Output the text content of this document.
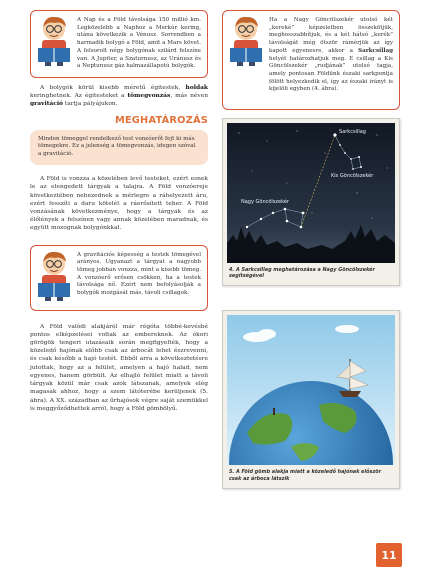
A Nap és a Föld távolsága 150 millió km. Legközelebb a Naphoz a Merkúr kering, utána következik a Vénusz. Sorrendben a harmadik bolygó a Föld, amit a Mars követ. A felsorolt négy bolygónak szilárd felszíne van. A Jupiter, a Szaturnusz, az Uránusz és a Neptunusz gáz halmazállapotú bolygók.

A bolygók körül kisebb méretű égitestek, holdak keringhetnek. Az égitesteket a tömegvonzás, más néven gravitáció tartja pályájukon.

MEGHATÁROZÁS
Minden tömeggel rendelkező test vonzóerőt fejt ki más tömegekre. Ez a jelenség a tömegvonzás, idegen szóval a gravitáció.

A Föld is vonzza a közelében levő testeket, ezért esnek le az elengedett tárgyak a talajra. A Föld vonzóereje következtében nehezednek a mérlegre a ráhelyezett áru, ezért fesszíti a daru kötelét a ráerősített teher. A Föld vonzásának következménye, hogy a tárgyak és az élőlények a felszínen vagy annak közelében maradnak, és együtt mozognak bolygónkkal.

A gravitációs képesség a testek tömegével arányos. Ugyanazt a tárgyat a nagyobb tömeg jobban vonzza, mint a kisebb tömeg. A vonzóerő erősen csökken, ha a testek távolsága nő. Ezért nem befolyásolják a bolygók mozgását más, távoli csillagok.

A Föld valódi alakjáról már régóta többé-kevésbé pontos elképzelései voltak az embereknek. Az ókori görögök tengeri utazásaik során megfigyelték, hogy a közeledő hajónak előbb csak az árbocát lehet észrevenni, és csak később a hajó testét. Ebből arra a következtetésre jutottak, hogy az a felület, amelyen a hajó halad, nem egyenes, hanem görbült. Az elhajló felület miatt a távoli tárgyak közül már csak azok látszanak, amelyek elég magasak ahhoz, hogy a szem látóterébe kerüljenek (5. ábra). A XX. században az űrhajósok végre saját szemükkel is meggyőződhettek arról, hogy a Föld gömbölyű.

Ha a Nagy Göncölszekér utolsó két „kereké” képzeletben összekötjük, meghosszabbítjuk, és a két hátsó „kerék” távolságát még ötször rámérjük az így kapott egyenesre, akkor a Sarkcsillag helyét határozhatjuk meg. E csillag a Kis Göncölszekér „rudjának” utolsó tagja, amely pontosan Földünk északi sarkpontja fölött helyezkedik el, így az északi irányt is kijelöli egyben (4. ábra).

Sarkcsillag
Kis Göncölszekér
Nagy Göncölszekér
4. A Sarkcsillag meghatározása a Nagy Göncölszekér segítségével
5. A Föld gömb alakja miatt a közeledő hajónak először csak az árboca látszik
11
